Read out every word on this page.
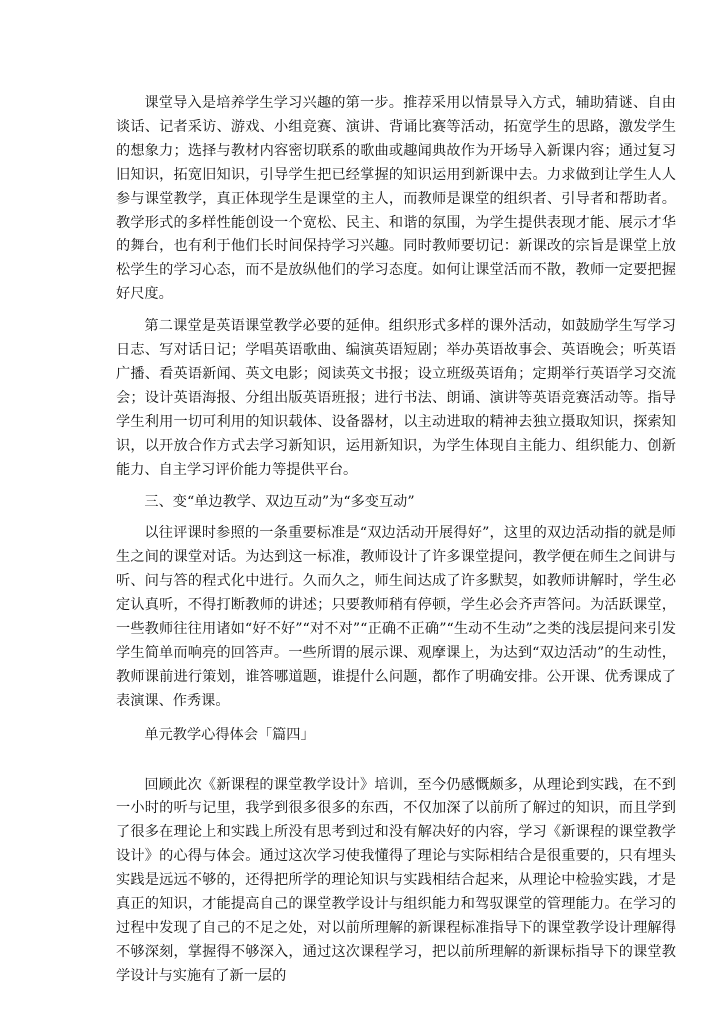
课堂导入是培养学生学习兴趣的第一步。推荐采用以情景导入方式，辅助猜谜、自由谈话、记者采访、游戏、小组竞赛、演讲、背诵比赛等活动，拓宽学生的思路，激发学生的想象力；选择与教材内容密切联系的歌曲或趣闻典故作为开场导入新课内容；通过复习旧知识，拓宽旧知识，引导学生把已经掌握的知识运用到新课中去。力求做到让学生人人参与课堂教学，真正体现学生是课堂的主人，而教师是课堂的组织者、引导者和帮助者。教学形式的多样性能创设一个宽松、民主、和谐的氛围，为学生提供表现才能、展示才华的舞台，也有利于他们长时间保持学习兴趣。同时教师要切记：新课改的宗旨是课堂上放松学生的学习心态，而不是放纵他们的学习态度。如何让课堂活而不散，教师一定要把握好尺度。

第二课堂是英语课堂教学必要的延伸。组织形式多样的课外活动，如鼓励学生写学习日志、写对话日记；学唱英语歌曲、编演英语短剧；举办英语故事会、英语晚会；听英语广播、看英语新闻、英文电影；阅读英文书报；设立班级英语角；定期举行英语学习交流会；设计英语海报、分组出版英语班报；进行书法、朗诵、演讲等英语竞赛活动等。指导学生利用一切可利用的知识载体、设备器材，以主动进取的精神去独立摄取知识，探索知识，以开放合作方式去学习新知识，运用新知识，为学生体现自主能力、组织能力、创新能力、自主学习评价能力等提供平台。

三、变“单边教学、双边互动”为“多变互动”

以往评课时参照的一条重要标准是“双边活动开展得好”，这里的双边活动指的就是师生之间的课堂对话。为达到这一标准，教师设计了许多课堂提问，教学便在师生之间讲与听、问与答的程式化中进行。久而久之，师生间达成了许多默契，如教师讲解时，学生必定认真听，不得打断教师的讲述；只要教师稍有停顿，学生必会齐声答问。为活跃课堂，一些教师往往用诸如“好不好”“对不对”“正确不正确”“生动不生动”之类的浅层提问来引发学生简单而响亮的回答声。一些所谓的展示课、观摩课上，为达到“双边活动”的生动性，教师课前进行策划，谁答哪道题，谁提什么问题，都作了明确安排。公开课、优秀课成了表演课、作秀课。

单元教学心得体会「篇四」

回顾此次《新课程的课堂教学设计》培训，至今仍感慨颇多，从理论到实践，在不到一小时的听与记里，我学到很多很多的东西，不仅加深了以前所了解过的知识，而且学到了很多在理论上和实践上所没有思考到过和没有解决好的内容，学习《新课程的课堂教学设计》的心得与体会。通过这次学习使我懂得了理论与实际相结合是很重要的，只有埋头实践是远远不够的，还得把所学的理论知识与实践相结合起来，从理论中检验实践，才是真正的知识，才能提高自己的课堂教学设计与组织能力和驾驭课堂的管理能力。在学习的过程中发现了自己的不足之处，对以前所理解的新课程标准指导下的课堂教学设计理解得不够深刻，掌握得不够深入，通过这次课程学习，把以前所理解的新课标指导下的课堂教学设计与实施有了新一层的
